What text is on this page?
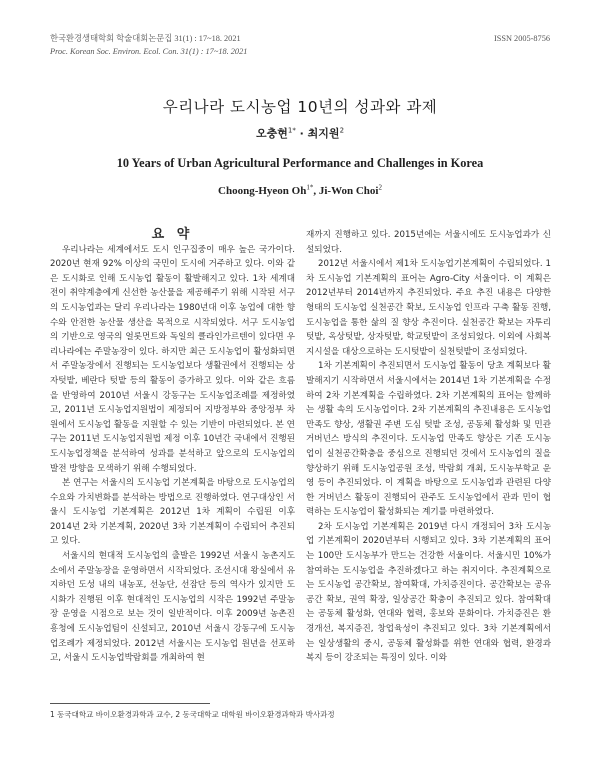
한국환경생태학회 학술대회논문집 31(1) : 17~18. 2021
Proc. Korean Soc. Environ. Ecol. Con. 31(1) : 17~18. 2021
ISSN 2005-8756
우리나라 도시농업 10년의 성과와 과제
오충현$^{1*}$ · 최지원$^2$
10 Years of Urban Agricultural Performance and Challenges in Korea
Choong-Hyeon $Oh^{1*}$, Ji-Won Choi$^2$

요 약

우리나라는 세계에서도 도시 인구집중이 매우 높은 국가이다. 2020년 현재 92% 이상의 국민이 도시에 거주하고 있다. 이와 같은 도시화로 인해 도시농업 활동이 활발해지고 있다. 1차 세계대전이 취약계층에게 신선한 농산물을 제공해주기 위해 시작된 서구의 도시농업과는 달리 우리나라는 1980년대 이후 농업에 대한 향수와 안전한 농산물 생산을 목적으로 시작되었다. 서구 도시농업의 기반으로 영국의 얼롯먼트와 독일의 클라인가르텐이 있다면 우리나라에는 주말농장이 있다. 하지만 최근 도시농업이 활성화되면서 주말농장에서 진행되는 도시농업보다 생활권에서 진행되는 상자텃밭, 베란다 텃밭 등의 활동이 증가하고 있다. 이와 같은 흐름을 반영하여 2010년 서울시 강동구는 도시농업조례를 제정하였고, 2011년 도시농업지원법이 제정되어 지방정부와 중앙정부 차원에서 도시농업 활동을 지원할 수 있는 기반이 마련되었다. 본 연구는 2011년 도시농업지원법 제정 이후 10년간 국내에서 진행된 도시농업정책을 분석하여 성과를 분석하고 앞으로의 도시농업의 발전 방향을 모색하기 위해 수행되었다.

본 연구는 서울시의 도시농업 기본계획을 바탕으로 도시농업의 수요와 가치변화를 분석하는 방법으로 진행하였다. 연구대상인 서울시 도시농업 기본계획은 2012년 1차 계획이 수립된 이후 2014년 2차 기본계획, 2020년 3차 기본계획이 수립되어 추진되고 있다.

서울시의 현대적 도시농업의 출발은 1992년 서울시 농촌지도소에서 주말농장을 운영하면서 시작되었다. 조선시대 왕실에서 유지하던 도성 내의 내농포, 선농단, 선잠단 등의 역사가 있지만 도시화가 진행된 이후 현대적인 도시농업의 시작은 1992년 주말농장 운영을 시점으로 보는 것이 일반적이다. 이후 2009년 농촌진흥청에 도시농업팀이 신설되고, 2010년 서울시 강동구에 도시농업조례가 제정되었다. 2012년 서울시는 도시농업 원년을 선포하고, 서울시 도시농업박람회를 개최하여 현

재까지 진행하고 있다. 2015년에는 서울시에도 도시농업과가 신설되었다.

2012년 서울시에서 제1차 도시농업기본계획이 수립되었다. 1차 도시농업 기본계획의 표어는 Agro-City 서울이다. 이 계획은 2012년부터 2014년까지 추진되었다. 주요 추진 내용은 다양한 형태의 도시농업 실천공간 확보, 도시농업 인프라 구축 활동 진행, 도시농업을 통한 삶의 질 향상 추진이다. 실천공간 확보는 자투리 텃밭, 옥상텃밭, 상자텃밭, 학교텃밭이 조성되었다. 이외에 사회복지시설을 대상으로하는 도시텃밭이 실천텃밭이 조성되었다.

1차 기본계획이 추진되면서 도시농업 활동이 당초 계획보다 활발해지기 시작하면서 서울시에서는 2014년 1차 기본계획을 수정하여 2차 기본계획을 수립하였다. 2차 기본계획의 표어는 함께하는 생활 속의 도시농업이다. 2차 기본계획의 추진내용은 도시농업 만족도 향상, 생활권 주변 도심 텃밭 조성, 공동체 활성화 및 민관거버넌스 방식의 추진이다. 도시농업 만족도 향상은 기존 도시농업이 실천공간확충을 중심으로 진행되던 것에서 도시농업의 질을 향상하기 위해 도시농업공원 조성, 박람회 개최, 도시농부학교 운영 등이 추진되었다. 이 계획을 바탕으로 도시농업과 관련된 다양한 거버넌스 활동이 진행되어 관주도 도시농업에서 관과 민이 협력하는 도시농업이 활성화되는 계기를 마련하였다.

2차 도시농업 기본계획은 2019년 다시 개정되어 3차 도시농업 기본계획이 2020년부터 시행되고 있다. 3차 기본계획의 표어는 100만 도시농부가 만드는 건강한 서울이다. 서울시민 10%가 참여하는 도시농업을 추진하겠다고 하는 취지이다. 추진계획으로는 도시농업 공간확보, 참여확대, 가치증진이다. 공간확보는 공유공간 확보, 권역 확장, 일상공간 확충이 추진되고 있다. 참여확대는 공동체 활성화, 연대와 협력, 홍보와 문화이다. 가치증진은 환경개선, 복지증진, 창업육성이 추진되고 있다. 3차 기본계획에서는 일상생활의 중시, 공동체 활성화를 위한 연대와 협력, 환경과 복지 등이 강조되는 특징이 있다. 이와

1 동국대학교 바이오환경과학과 교수, 2 동국대학교 대학원 바이오환경과학과 박사과정
